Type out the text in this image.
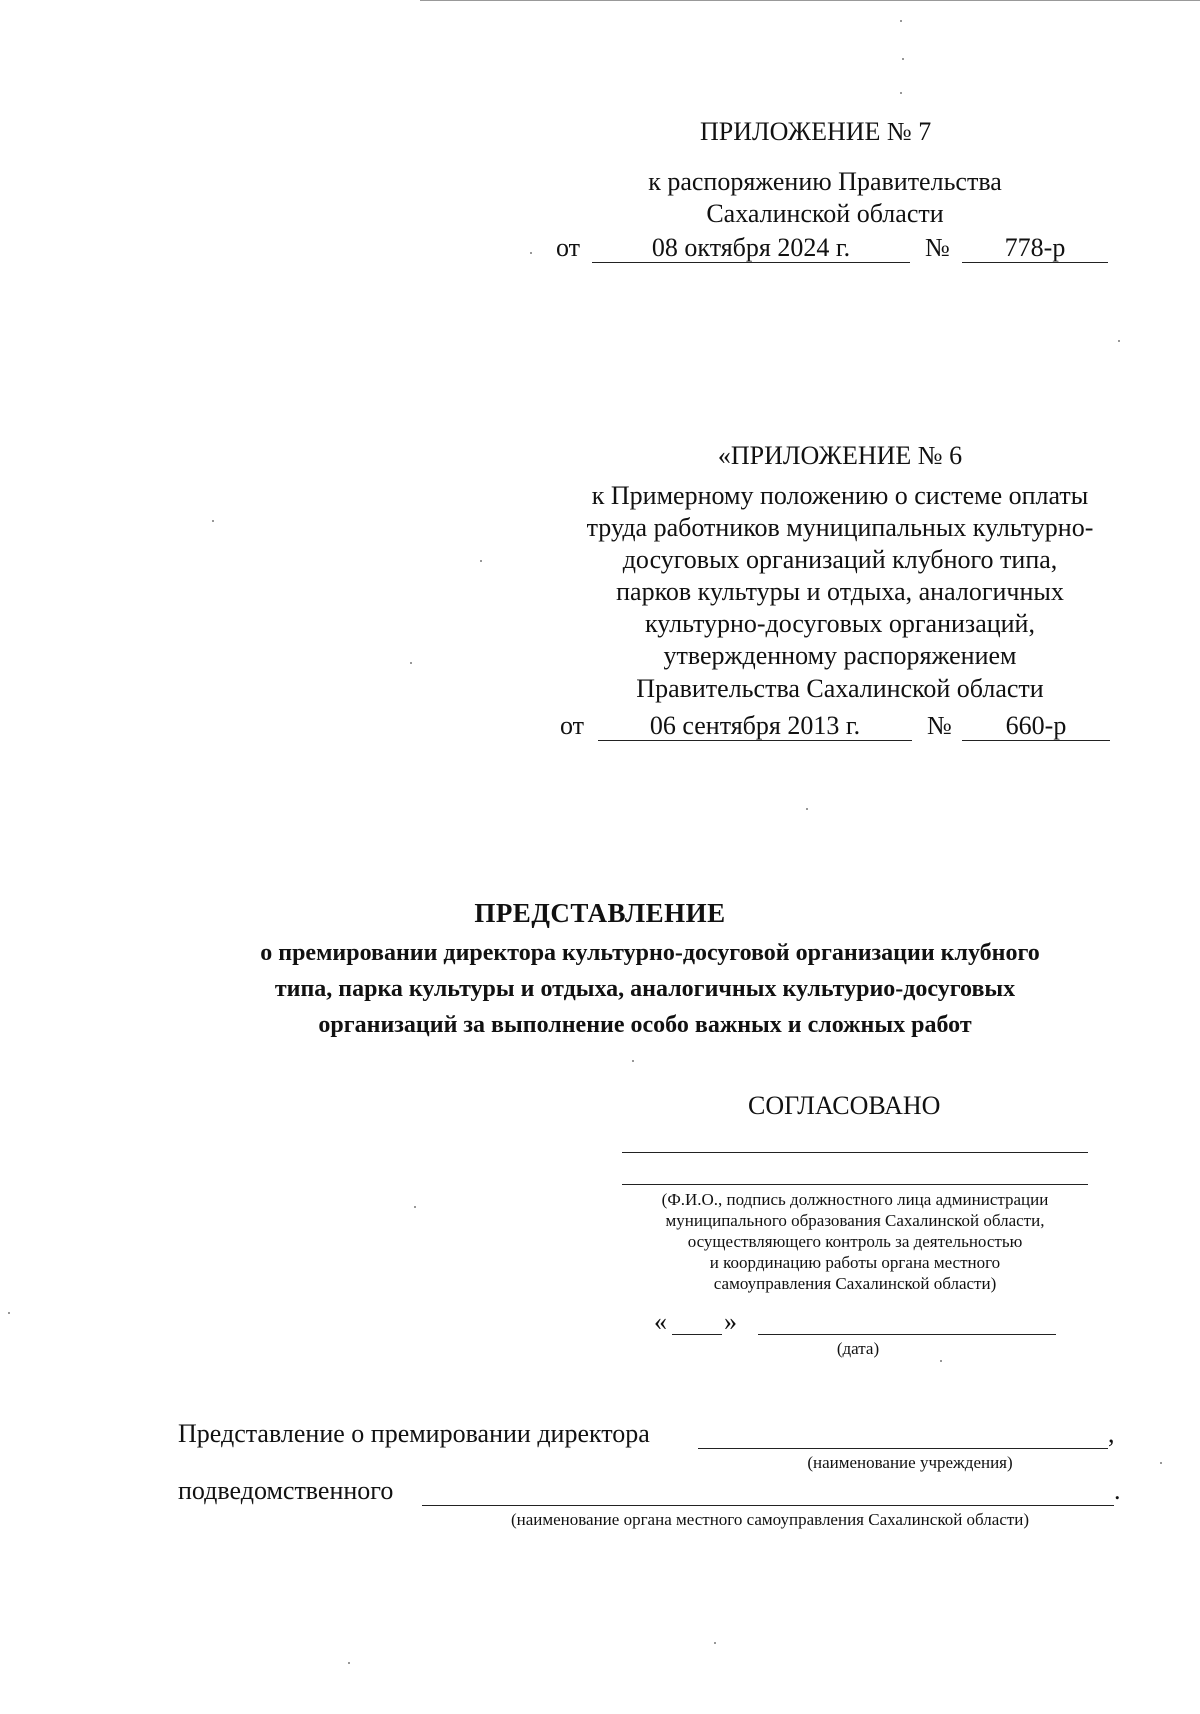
ПРИЛОЖЕНИЕ № 7
к распоряжению Правительства
Сахалинской области
от	08 октября 2024 г.	№	778-р
«ПРИЛОЖЕНИЕ № 6
к Примерному положению о системе оплаты
труда работников муниципальных культурно-
досуговых организаций клубного типа,
парков культуры и отдыха, аналогичных
культурно-досуговых организаций,
утвержденному распоряжением
Правительства Сахалинской области
от	06 сентября 2013 г.	№	660-р
ПРЕДСТАВЛЕНИЕ
о премировании директора культурно-досуговой организации клубного
типа, парка культуры и отдыха, аналогичных культурио-досуговых
организаций за выполнение особо важных и сложных работ
СОГЛАСОВАНО
(Ф.И.О., подпись должностного лица администрации
муниципального образования Сахалинской области,
осуществляющего контроль за деятельностью
и координацию работы органа местного
самоуправления Сахалинской области)
« »
(дата)
Представление о премировании директора	,
(наименование учреждения)
подведомственного	.
(наименование органа местного самоуправления Сахалинской области)
